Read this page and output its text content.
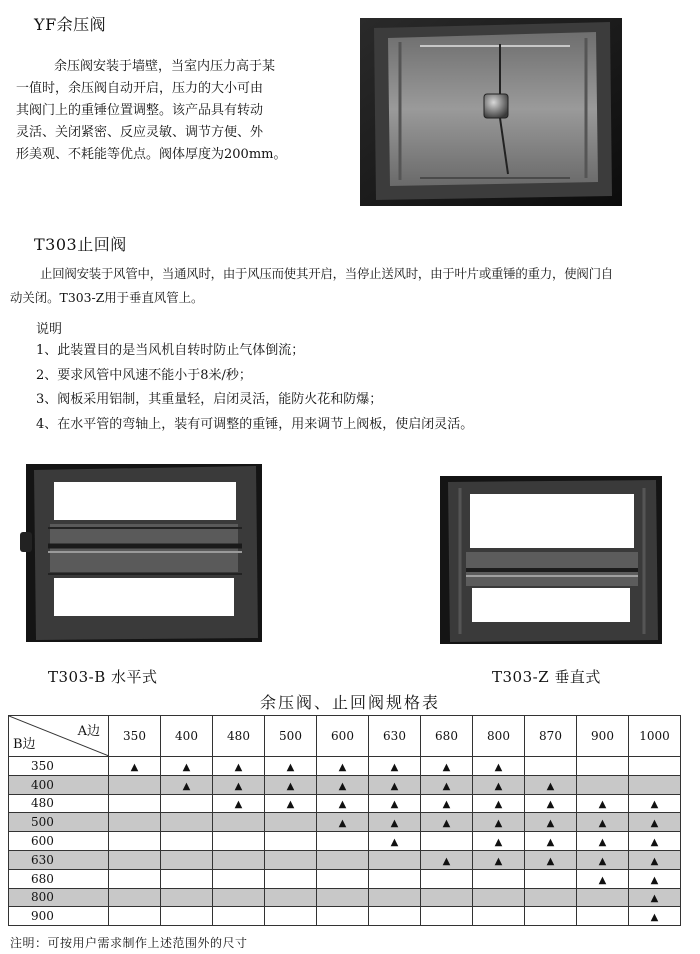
YF余压阀

余压阀安装于墙壁，当室内压力高于某

一值时，余压阀自动开启，压力的大小可由

其阀门上的重锤位置调整。该产品具有转动

灵活、关闭紧密、反应灵敏、调节方便、外

形美观、不耗能等优点。阀体厚度为200mm。

T303止回阀

止回阀安装于风管中，当通风时，由于风压而使其开启，当停止送风时，由于叶片或重锤的重力，使阀门自

动关闭。T303-Z用于垂直风管上。

说明
1、此装置目的是当风机自转时防止气体倒流；
2、要求风管中风速不能小于8米/秒；
3、阀板采用铝制，其重量轻，启闭灵活，能防火花和防爆；
4、在水平管的弯轴上，装有可调整的重锤，用来调节上阀板，使启闭灵活。
T303-B 水平式	T303-Z 垂直式
余压阀、止回阀规格表
A边
B边	350	400	480	500	600	630	680	800	870	900	1000
350	▲	▲	▲	▲	▲	▲	▲	▲			
400		▲	▲	▲	▲	▲	▲	▲	▲		
480			▲	▲	▲	▲	▲	▲	▲	▲	▲
500					▲	▲	▲	▲	▲	▲	▲
600						▲		▲	▲	▲	▲
630							▲	▲	▲	▲	▲
680										▲	▲
800											▲
900											▲
注明：可按用户需求制作上述范围外的尺寸
